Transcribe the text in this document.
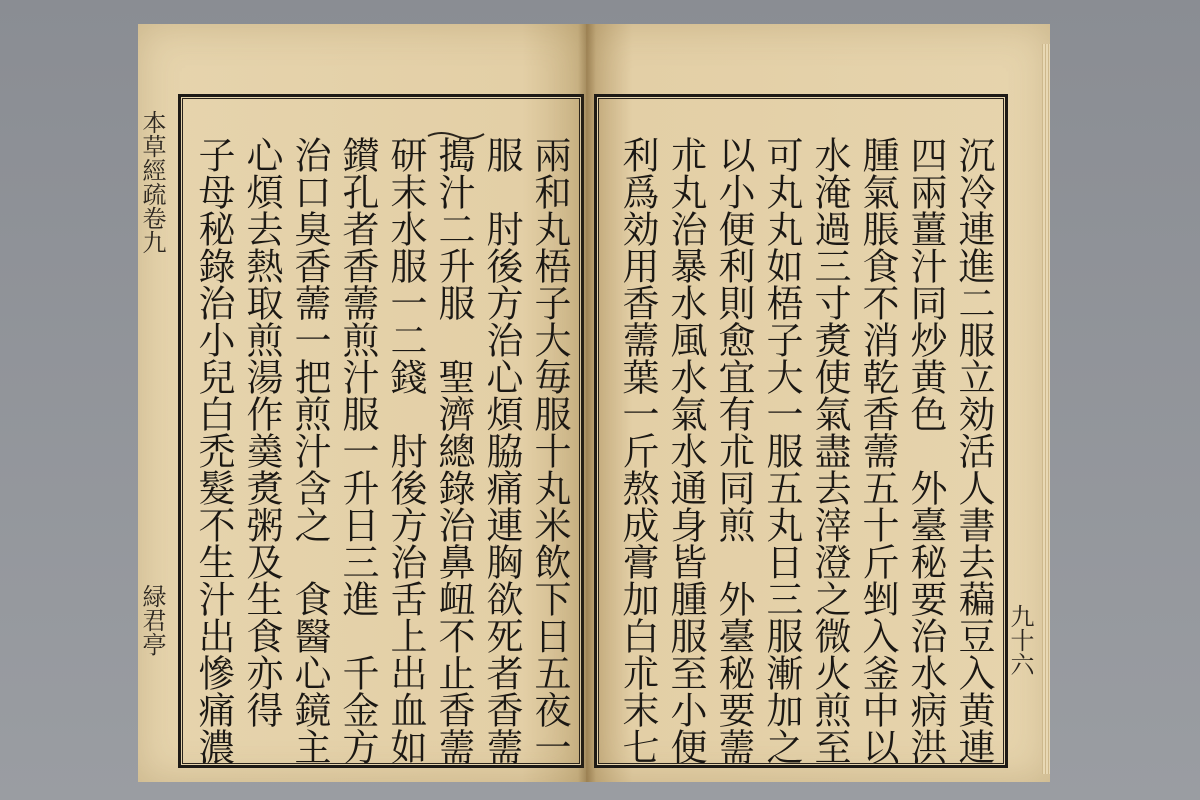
本草經疏卷九
緑君亭	兩和丸梧子大毎服十丸米飲下日五夜一
服　肘後方治心煩脇痛連胸欲死者香薷
搗汁二升服　聖濟總錄治鼻衄不止香薷
研末水服一二錢　肘後方治舌上出血如
鑚孔者香薷煎汁服一升日三進　千金方
治口臭香薷一把煎汁含之　食醫心鏡主
心煩去熱取煎湯作羮煑粥及生食亦得
子母秘錄治小兒白禿髮不生汁出慘痛濃	沉冷連進二服立効活人書去藊豆入黄連
四兩薑汁同炒黄色　外臺秘要治水病洪
腫氣脹食不消乾香薷五十斤剉入釜中以
水淹過三寸煑使氣盡去滓澄之微火煎至
可丸丸如梧子大一服五丸日三服漸加之
以小便利則愈宜有朮同煎　外臺秘要薷
朮丸治暴水風水氣水通身皆腫服至小便
利爲効用香薷葉一斤熬成膏加白朮末七	九十六
